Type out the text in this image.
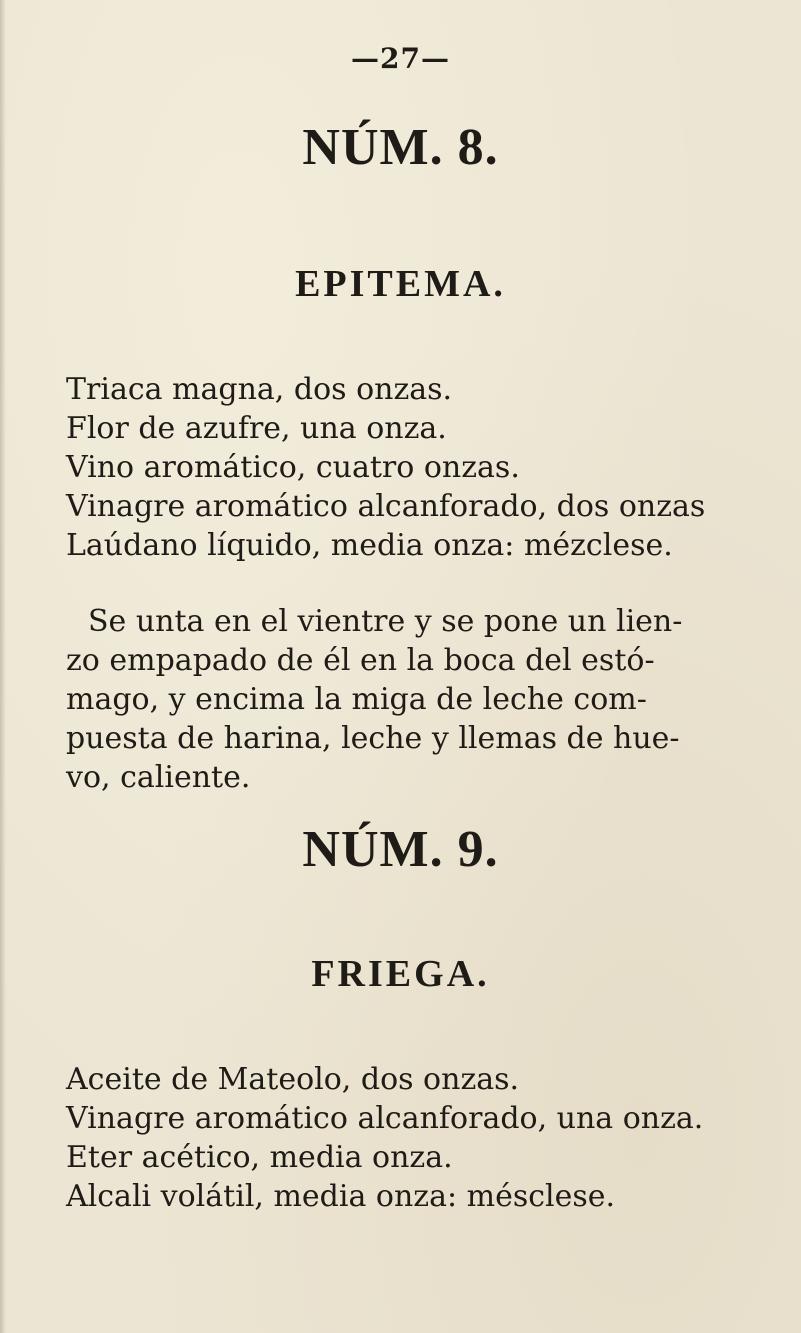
—27—
NÚM. 8.
EPITEMA.
Triaca magna, dos onzas.
Flor de azufre, una onza.
Vino aromático, cuatro onzas.
Vinagre aromático alcanforado, dos onzas
Laúdano líquido, media onza: mézclese.
Se unta en el vientre y se pone un lien-
zo empapado de él en la boca del estó-
mago, y encima la miga de leche com-
puesta de harina, leche y llemas de hue-
vo, caliente.
NÚM. 9.
FRIEGA.
Aceite de Mateolo, dos onzas.
Vinagre aromático alcanforado, una onza.
Eter acético, media onza.
Alcali volátil, media onza: mésclese.
